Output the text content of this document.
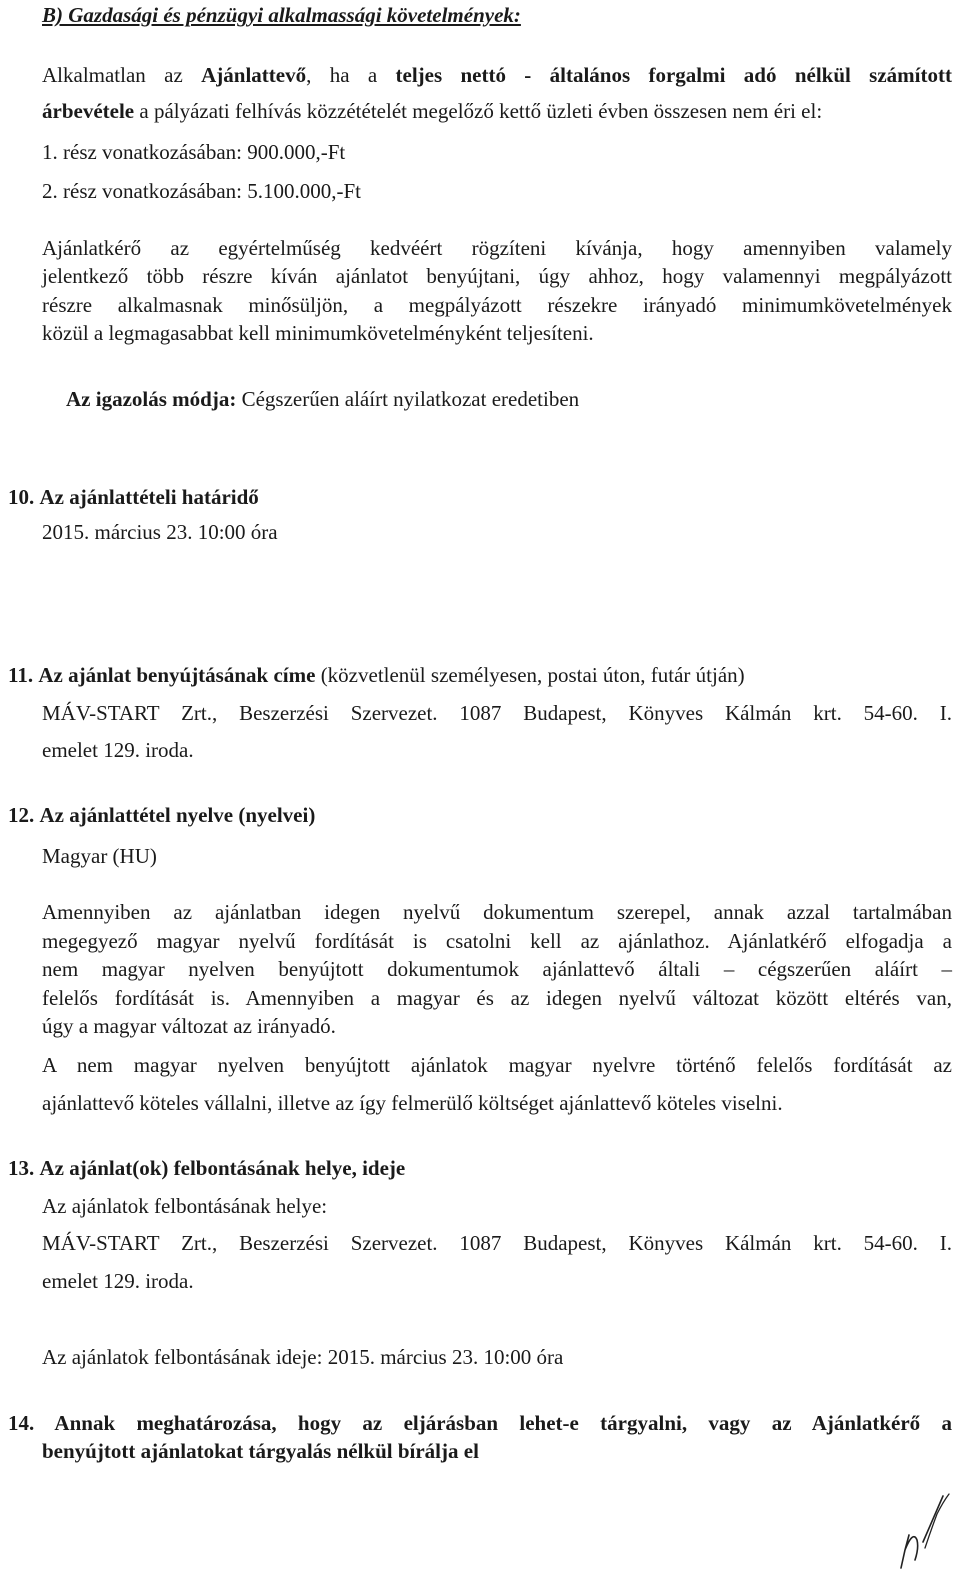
B) Gazdasági és pénzügyi alkalmassági követelmények:
Alkalmatlan az Ajánlattevő, ha a teljes nettó - általános forgalmi adó nélkül számított
árbevétele a pályázati felhívás közzétételét megelőző kettő üzleti évben összesen nem éri el:
1. rész vonatkozásában: 900.000,-Ft
2. rész vonatkozásában: 5.100.000,-Ft
Ajánlatkérő az egyértelműség kedvéért rögzíteni kívánja, hogy amennyiben valamely
jelentkező több részre kíván ajánlatot benyújtani, úgy ahhoz, hogy valamennyi megpályázott
részre alkalmasnak minősüljön, a megpályázott részekre irányadó minimumkövetelmények
közül a legmagasabbat kell minimumkövetelményként teljesíteni.
Az igazolás módja: Cégszerűen aláírt nyilatkozat eredetiben
10. Az ajánlattételi határidő
2015. március 23. 10:00 óra
11. Az ajánlat benyújtásának címe (közvetlenül személyesen, postai úton, futár útján)
MÁV-START Zrt., Beszerzési Szervezet. 1087 Budapest, Könyves Kálmán krt. 54-60. I.
emelet 129. iroda.
12. Az ajánlattétel nyelve (nyelvei)
Magyar (HU)
Amennyiben az ajánlatban idegen nyelvű dokumentum szerepel, annak azzal tartalmában
megegyező magyar nyelvű fordítását is csatolni kell az ajánlathoz. Ajánlatkérő elfogadja a
nem magyar nyelven benyújtott dokumentumok ajánlattevő általi – cégszerűen aláírt –
felelős fordítását is. Amennyiben a magyar és az idegen nyelvű változat között eltérés van,
úgy a magyar változat az irányadó.
A nem magyar nyelven benyújtott ajánlatok magyar nyelvre történő felelős fordítását az
ajánlattevő köteles vállalni, illetve az így felmerülő költséget ajánlattevő köteles viselni.
13. Az ajánlat(ok) felbontásának helye, ideje
Az ajánlatok felbontásának helye:
MÁV-START Zrt., Beszerzési Szervezet. 1087 Budapest, Könyves Kálmán krt. 54-60. I.
emelet 129. iroda.
Az ajánlatok felbontásának ideje: 2015. március 23. 10:00 óra
14. Annak meghatározása, hogy az eljárásban lehet-e tárgyalni, vagy az Ajánlatkérő a
benyújtott ajánlatokat tárgyalás nélkül bírálja el
